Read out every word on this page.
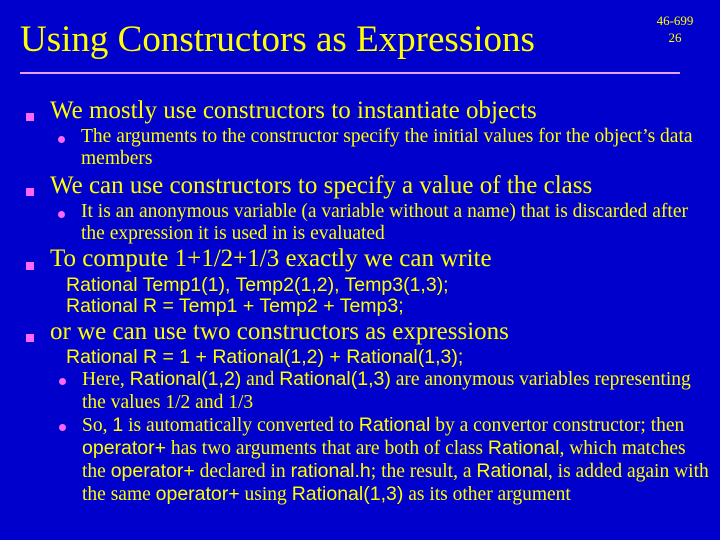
Using Constructors as Expressions	46-699
26
We mostly use constructors to instantiate objects
The arguments to the constructor specify the initial values for the object’s data members
We can use constructors to specify a value of the class
It is an anonymous variable (a variable without a name) that is discarded after the expression it is used in is evaluated
To compute 1+1/2+1/3 exactly we can write
Rational Temp1(1), Temp2(1,2), Temp3(1,3);
Rational R = Temp1 + Temp2 + Temp3;
or we can use two constructors as expressions
Rational R = 1 + Rational(1,2) + Rational(1,3);
Here, Rational(1,2) and Rational(1,3) are anonymous variables representing the values 1/2 and 1/3
So, 1 is automatically converted to Rational by a convertor constructor; then operator+ has two arguments that are both of class Rational, which matches the operator+ declared in rational.h; the result, a Rational, is added again with the same operator+ using Rational(1,3) as its other argument
